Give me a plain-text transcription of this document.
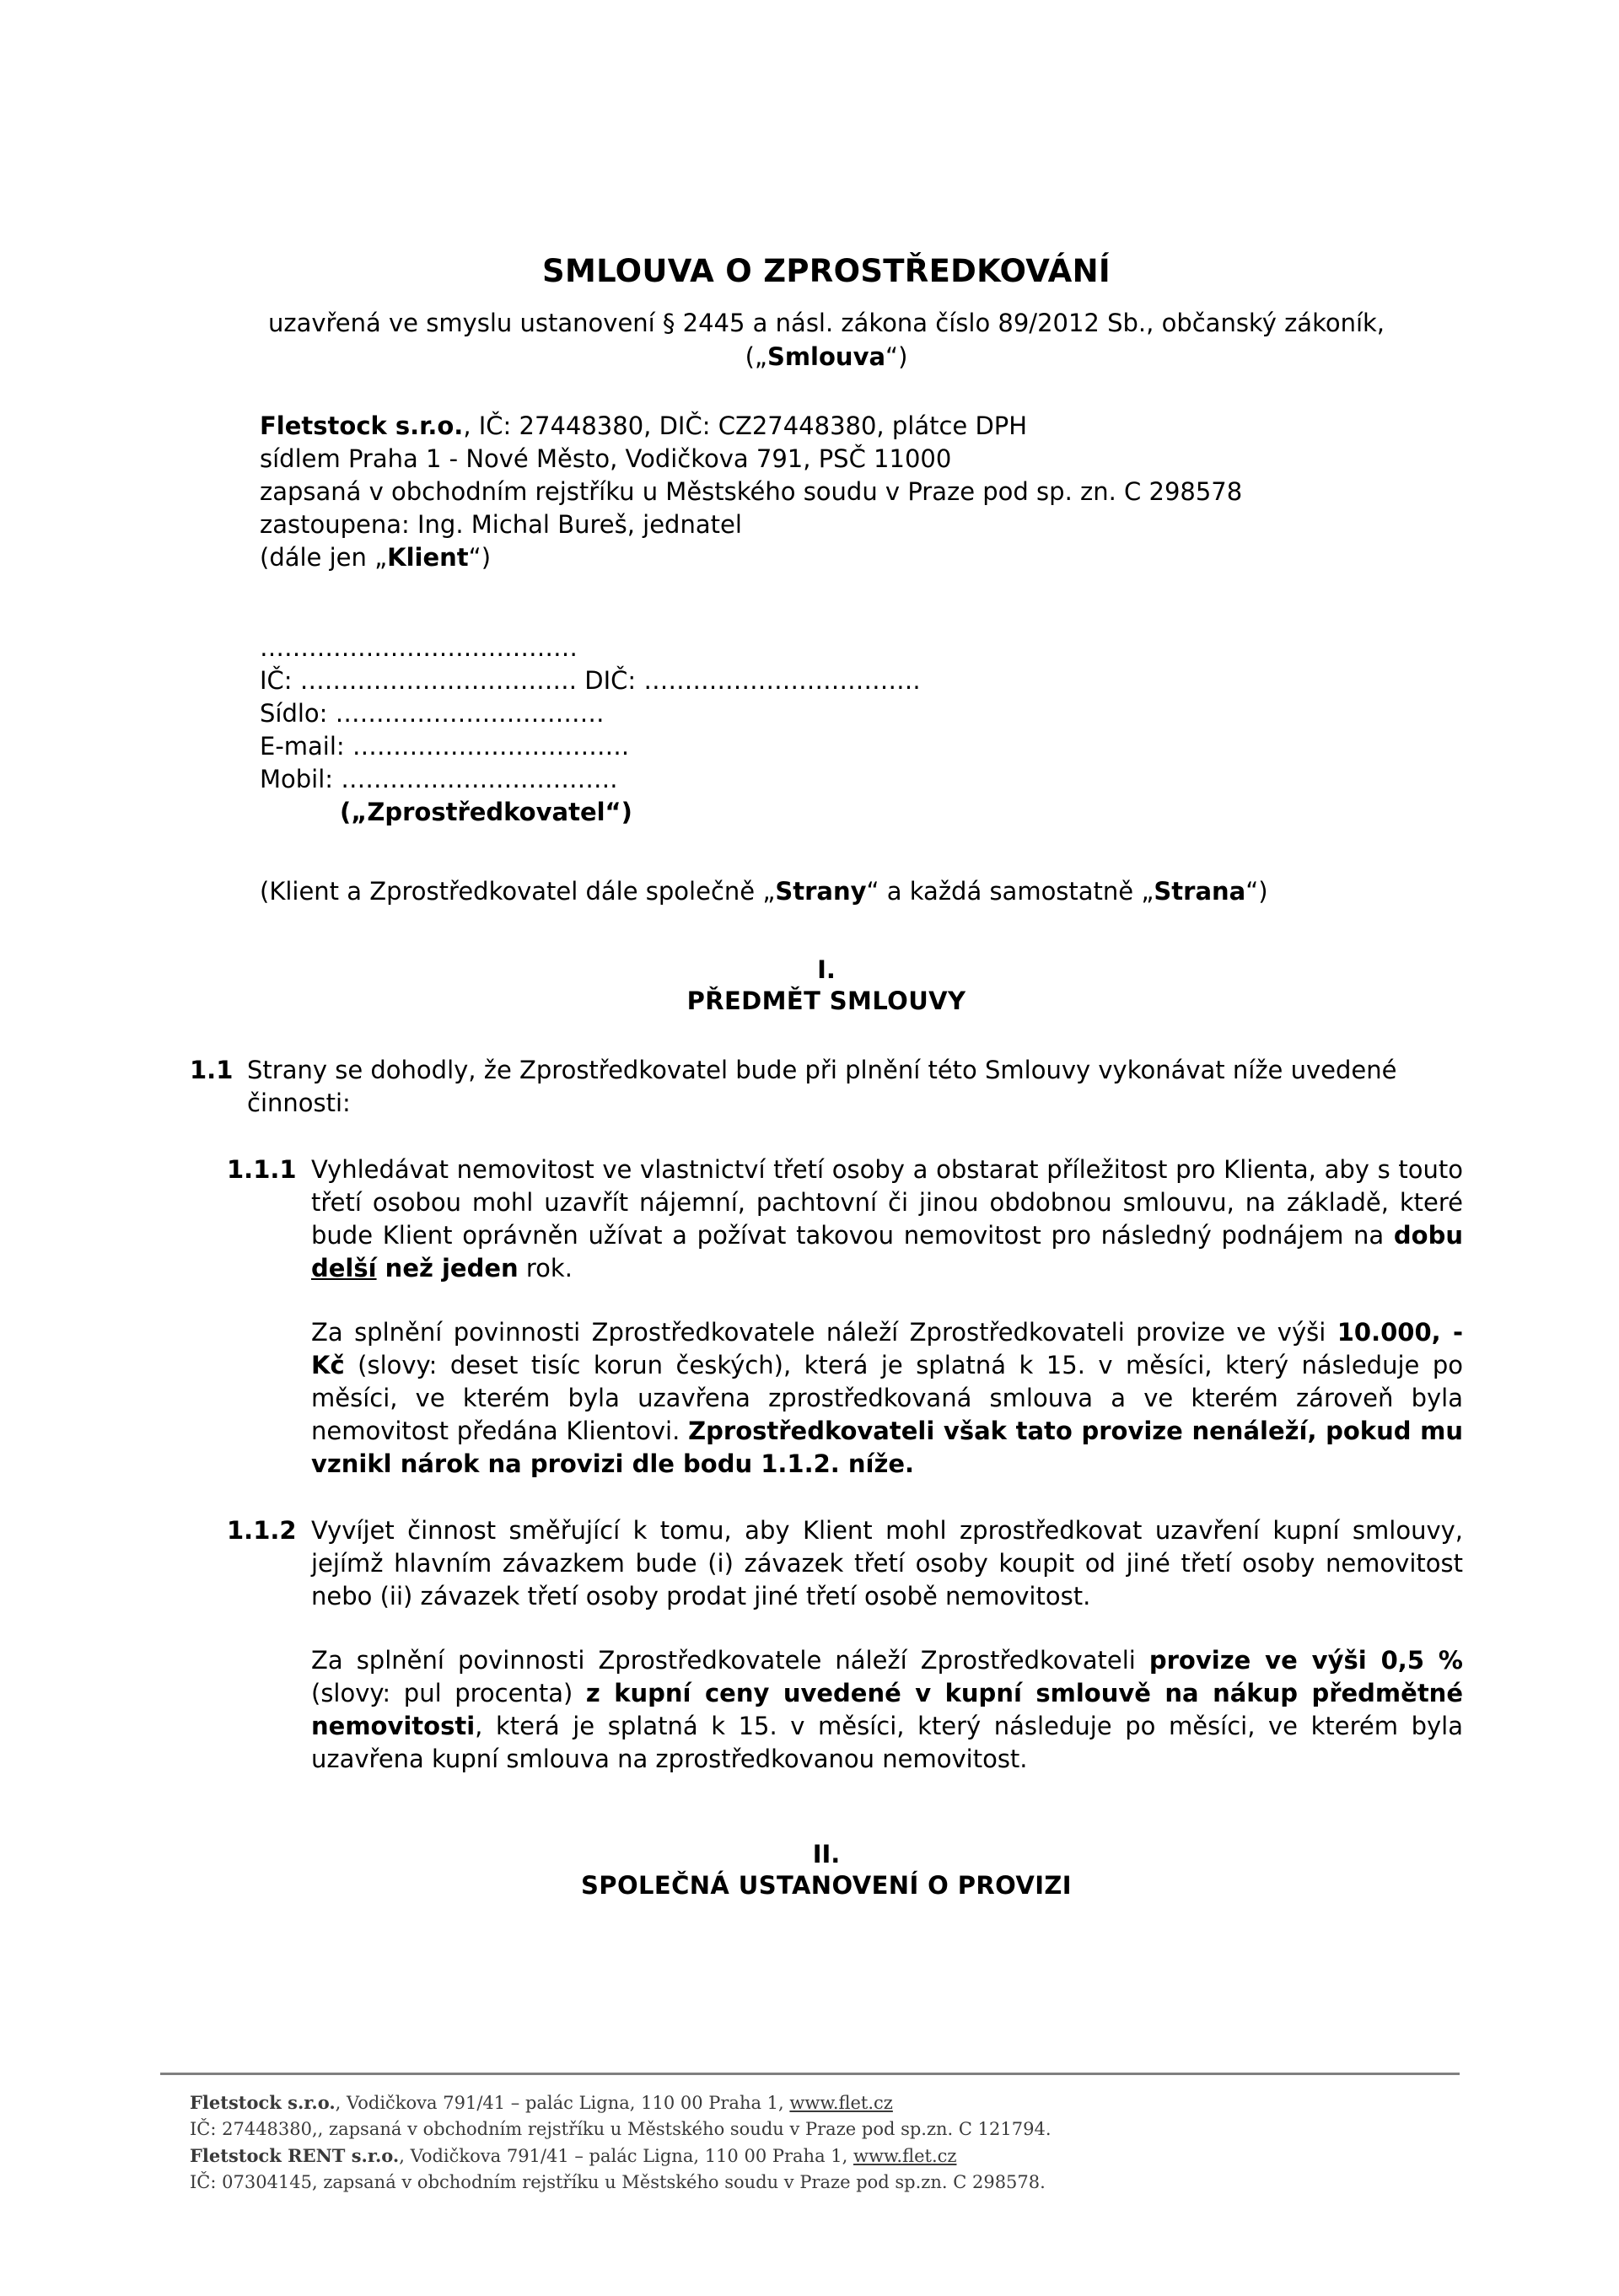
SMLOUVA O ZPROSTŘEDKOVÁNÍ

uzavřená ve smyslu ustanovení § 2445 a násl. zákona číslo 89/2012 Sb., občanský zákoník,

(„Smlouva“)

Fletstock s.r.o., IČ: 27448380, DIČ: CZ27448380, plátce DPH
sídlem Praha 1 - Nové Město, Vodičkova 791, PSČ 11000
zapsaná v obchodním rejstříku u Městského soudu v Praze pod sp. zn. C 298578
zastoupena: Ing. Michal Bureš, jednatel
(dále jen „Klient“)
…………………………………
IČ: ……………………………. DIČ: …………………………….
Sídlo: ……………………………
E-mail: …………………………….
Mobil: …………………………….
(„Zprostředkovatel“)
(Klient a Zprostředkovatel dále společně „Strany“ a každá samostatně „Strana“)
I.
PŘEDMĚT SMLOUVY
1.1 Strany se dohodly, že Zprostředkovatel bude při plnění této Smlouvy vykonávat níže uvedené činnosti:
1.1.1 Vyhledávat nemovitost ve vlastnictví třetí osoby a obstarat příležitost pro Klienta, aby s touto třetí osobou mohl uzavřít nájemní, pachtovní či jinou obdobnou smlouvu, na základě, které bude Klient oprávněn užívat a požívat takovou nemovitost pro následný podnájem na dobu delší než jeden rok.
Za splnění povinnosti Zprostředkovatele náleží Zprostředkovateli provize ve výši 10.000, - Kč (slovy: deset tisíc korun českých), která je splatná k 15. v měsíci, který následuje po měsíci, ve kterém byla uzavřena zprostředkovaná smlouva a ve kterém zároveň byla nemovitost předána Klientovi. Zprostředkovateli však tato provize nenáleží, pokud mu vznikl nárok na provizi dle bodu 1.1.2. níže.
1.1.2 Vyvíjet činnost směřující k tomu, aby Klient mohl zprostředkovat uzavření kupní smlouvy, jejímž hlavním závazkem bude (i) závazek třetí osoby koupit od jiné třetí osoby nemovitost nebo (ii) závazek třetí osoby prodat jiné třetí osobě nemovitost.
Za splnění povinnosti Zprostředkovatele náleží Zprostředkovateli provize ve výši 0,5 % (slovy: pul procenta) z kupní ceny uvedené v kupní smlouvě na nákup předmětné nemovitosti, která je splatná k 15. v měsíci, který následuje po měsíci, ve kterém byla uzavřena kupní smlouva na zprostředkovanou nemovitost.
II.
SPOLEČNÁ USTANOVENÍ O PROVIZI
Fletstock s.r.o., Vodičkova 791/41 – palác Ligna, 110 00 Praha 1, www.flet.cz
IČ: 27448380,, zapsaná v obchodním rejstříku u Městského soudu v Praze pod sp.zn. C 121794.
Fletstock RENT s.r.o., Vodičkova 791/41 – palác Ligna, 110 00 Praha 1, www.flet.cz
IČ: 07304145, zapsaná v obchodním rejstříku u Městského soudu v Praze pod sp.zn. C 298578.
